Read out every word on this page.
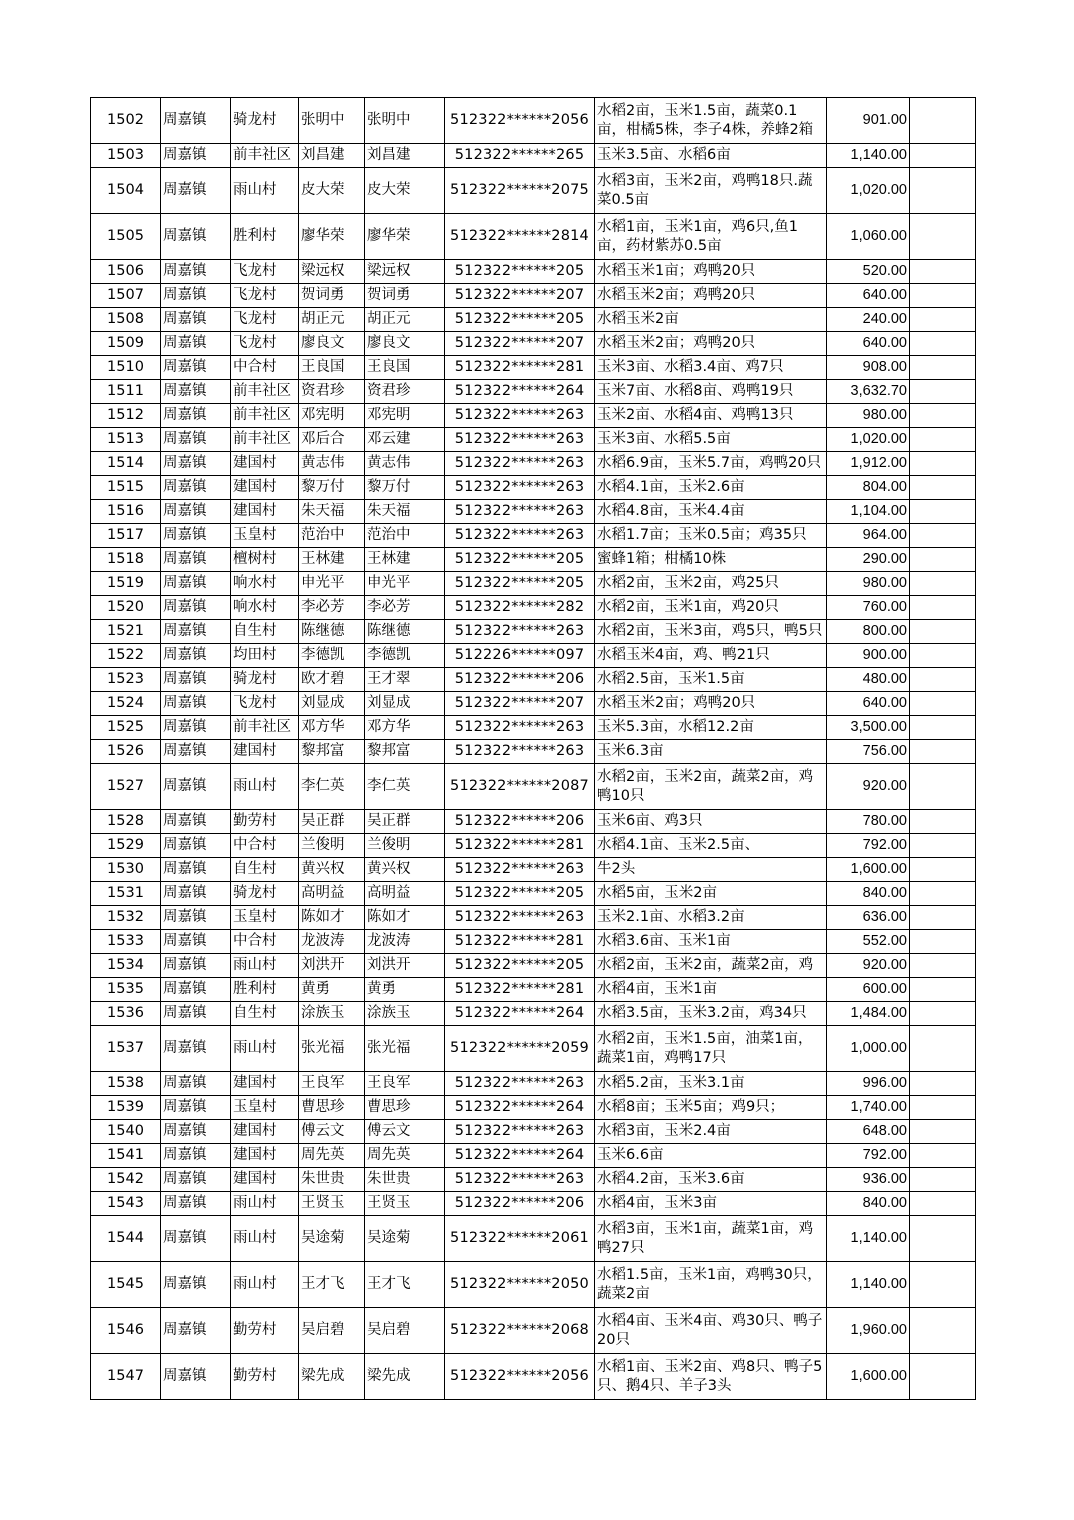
1502	周嘉镇	骑龙村	张明中	张明中	512322******2056	水稻2亩，玉米1.5亩，蔬菜0.1亩，柑橘5株，李子4株，养蜂2箱	901.00	
1503	周嘉镇	前丰社区	刘昌建	刘昌建	512322******265	玉米3.5亩、水稻6亩	1,140.00	
1504	周嘉镇	雨山村	皮大荣	皮大荣	512322******2075	水稻3亩，玉米2亩，鸡鸭18只.蔬菜0.5亩	1,020.00	
1505	周嘉镇	胜利村	廖华荣	廖华荣	512322******2814	水稻1亩，玉米1亩，鸡6只,鱼1亩，药材紫苏0.5亩	1,060.00	
1506	周嘉镇	飞龙村	梁远权	梁远权	512322******205	水稻玉米1亩；鸡鸭20只	520.00	
1507	周嘉镇	飞龙村	贺词勇	贺词勇	512322******207	水稻玉米2亩；鸡鸭20只	640.00	
1508	周嘉镇	飞龙村	胡正元	胡正元	512322******205	水稻玉米2亩	240.00	
1509	周嘉镇	飞龙村	廖良文	廖良文	512322******207	水稻玉米2亩；鸡鸭20只	640.00	
1510	周嘉镇	中合村	王良国	王良国	512322******281	玉米3亩、水稻3.4亩、鸡7只	908.00	
1511	周嘉镇	前丰社区	资君珍	资君珍	512322******264	玉米7亩、水稻8亩、鸡鸭19只	3,632.70	
1512	周嘉镇	前丰社区	邓宪明	邓宪明	512322******263	玉米2亩、水稻4亩、鸡鸭13只	980.00	
1513	周嘉镇	前丰社区	邓后合	邓云建	512322******263	玉米3亩、水稻5.5亩	1,020.00	
1514	周嘉镇	建国村	黄志伟	黄志伟	512322******263	水稻6.9亩，玉米5.7亩，鸡鸭20只	1,912.00	
1515	周嘉镇	建国村	黎万付	黎万付	512322******263	水稻4.1亩，玉米2.6亩	804.00	
1516	周嘉镇	建国村	朱天福	朱天福	512322******263	水稻4.8亩，玉米4.4亩	1,104.00	
1517	周嘉镇	玉皇村	范治中	范治中	512322******263	水稻1.7亩；玉米0.5亩；鸡35只	964.00	
1518	周嘉镇	檀树村	王林建	王林建	512322******205	蜜蜂1箱；柑橘10株	290.00	
1519	周嘉镇	响水村	申光平	申光平	512322******205	水稻2亩，玉米2亩，鸡25只	980.00	
1520	周嘉镇	响水村	李必芳	李必芳	512322******282	水稻2亩，玉米1亩，鸡20只	760.00	
1521	周嘉镇	自生村	陈继德	陈继德	512322******263	水稻2亩，玉米3亩，鸡5只，鸭5只	800.00	
1522	周嘉镇	均田村	李德凯	李德凯	512226******097	水稻玉米4亩，鸡、鸭21只	900.00	
1523	周嘉镇	骑龙村	欧才碧	王才翠	512322******206	水稻2.5亩，玉米1.5亩	480.00	
1524	周嘉镇	飞龙村	刘显成	刘显成	512322******207	水稻玉米2亩；鸡鸭20只	640.00	
1525	周嘉镇	前丰社区	邓方华	邓方华	512322******263	玉米5.3亩，水稻12.2亩	3,500.00	
1526	周嘉镇	建国村	黎邦富	黎邦富	512322******263	玉米6.3亩	756.00	
1527	周嘉镇	雨山村	李仁英	李仁英	512322******2087	水稻2亩，玉米2亩，蔬菜2亩，鸡鸭10只	920.00	
1528	周嘉镇	勤劳村	吴正群	吴正群	512322******206	玉米6亩、鸡3只	780.00	
1529	周嘉镇	中合村	兰俊明	兰俊明	512322******281	水稻4.1亩、玉米2.5亩、	792.00	
1530	周嘉镇	自生村	黄兴权	黄兴权	512322******263	牛2头	1,600.00	
1531	周嘉镇	骑龙村	高明益	高明益	512322******205	水稻5亩，玉米2亩	840.00	
1532	周嘉镇	玉皇村	陈如才	陈如才	512322******263	玉米2.1亩、水稻3.2亩	636.00	
1533	周嘉镇	中合村	龙波涛	龙波涛	512322******281	水稻3.6亩、玉米1亩	552.00	
1534	周嘉镇	雨山村	刘洪开	刘洪开	512322******205	水稻2亩，玉米2亩，蔬菜2亩，鸡	920.00	
1535	周嘉镇	胜利村	黄勇	黄勇	512322******281	水稻4亩，玉米1亩	600.00	
1536	周嘉镇	自生村	涂族玉	涂族玉	512322******264	水稻3.5亩，玉米3.2亩，鸡34只	1,484.00	
1537	周嘉镇	雨山村	张光福	张光福	512322******2059	水稻2亩，玉米1.5亩，油菜1亩，蔬菜1亩，鸡鸭17只	1,000.00	
1538	周嘉镇	建国村	王良军	王良军	512322******263	水稻5.2亩，玉米3.1亩	996.00	
1539	周嘉镇	玉皇村	曹思珍	曹思珍	512322******264	水稻8亩；玉米5亩；鸡9只；	1,740.00	
1540	周嘉镇	建国村	傅云文	傅云文	512322******263	水稻3亩，玉米2.4亩	648.00	
1541	周嘉镇	建国村	周先英	周先英	512322******264	玉米6.6亩	792.00	
1542	周嘉镇	建国村	朱世贵	朱世贵	512322******263	水稻4.2亩，玉米3.6亩	936.00	
1543	周嘉镇	雨山村	王贤玉	王贤玉	512322******206	水稻4亩，玉米3亩	840.00	
1544	周嘉镇	雨山村	吴途菊	吴途菊	512322******2061	水稻3亩，玉米1亩，蔬菜1亩，鸡鸭27只	1,140.00	
1545	周嘉镇	雨山村	王才飞	王才飞	512322******2050	水稻1.5亩，玉米1亩，鸡鸭30只，蔬菜2亩	1,140.00	
1546	周嘉镇	勤劳村	吴启碧	吴启碧	512322******2068	水稻4亩、玉米4亩、鸡30只、鸭子20只	1,960.00	
1547	周嘉镇	勤劳村	梁先成	梁先成	512322******2056	水稻1亩、玉米2亩、鸡8只、鸭子5只、鹅4只、羊子3头	1,600.00	
